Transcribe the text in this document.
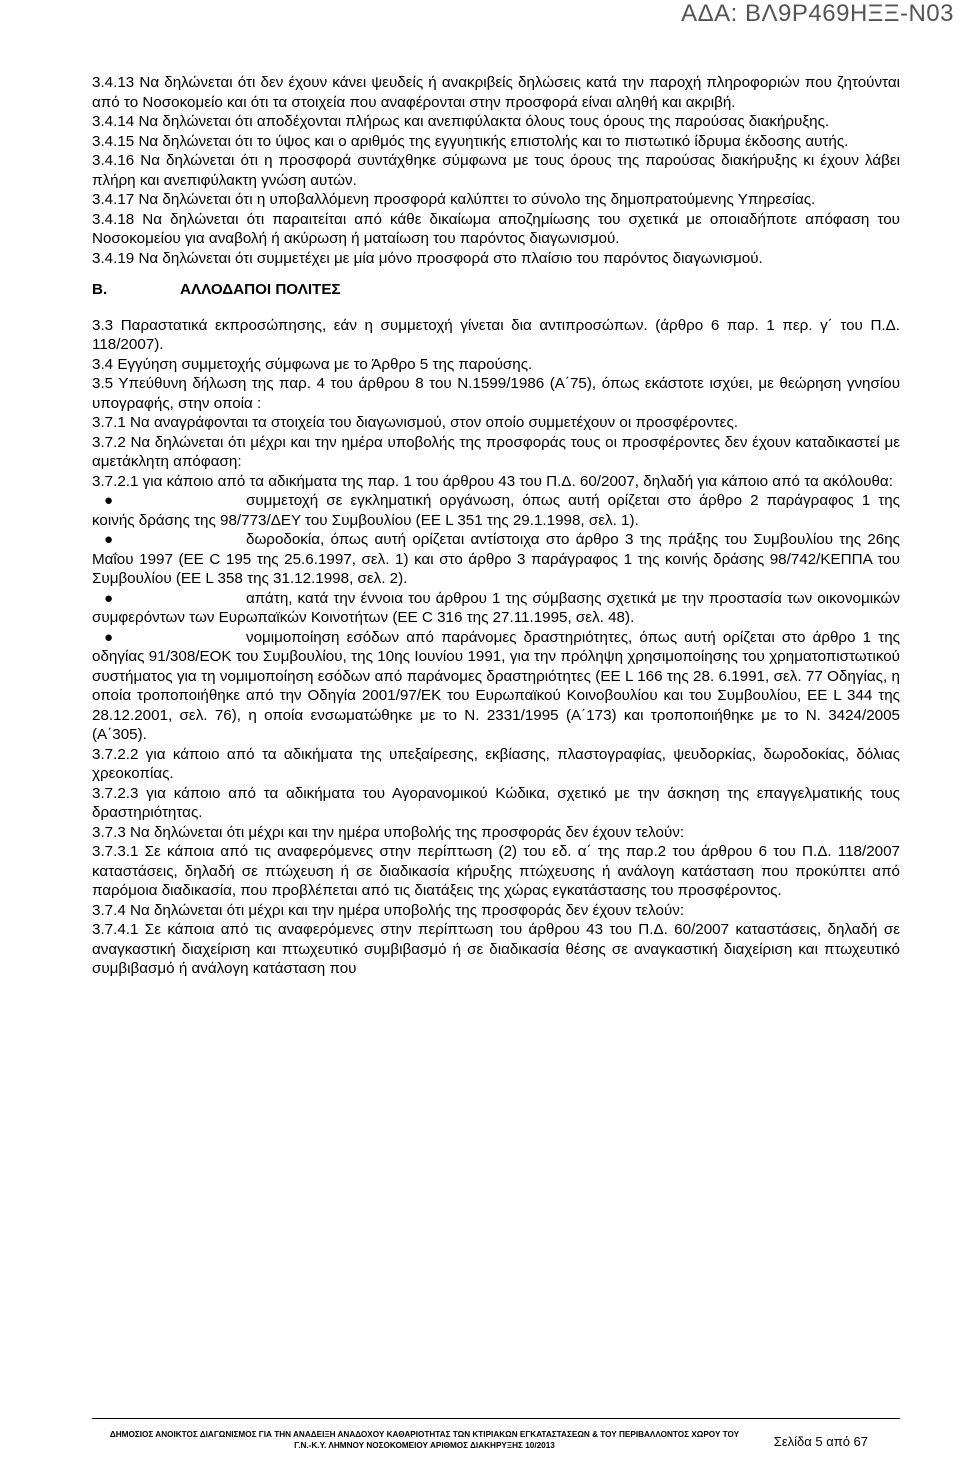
ΑΔΑ: ΒΛ9Ρ469ΗΞΞ-Ν03

3.4.13 Να δηλώνεται ότι δεν έχουν κάνει ψευδείς ή ανακριβείς δηλώσεις κατά την παροχή πληροφοριών που ζητούνται από το Νοσοκομείο και ότι τα στοιχεία που αναφέρονται στην προσφορά είναι αληθή και ακριβή.

3.4.14 Να δηλώνεται ότι αποδέχονται πλήρως και ανεπιφύλακτα όλους τους όρους της παρούσας διακήρυξης.

3.4.15 Να δηλώνεται ότι το ύψος και ο αριθμός της εγγυητικής επιστολής και το πιστωτικό ίδρυμα έκδοσης αυτής.

3.4.16 Να δηλώνεται ότι η προσφορά συντάχθηκε σύμφωνα με τους όρους της παρούσας διακήρυξης κι έχουν λάβει πλήρη και ανεπιφύλακτη γνώση αυτών.

3.4.17 Να δηλώνεται ότι η υποβαλλόμενη προσφορά καλύπτει το σύνολο της δημοπρατούμενης Υπηρεσίας.

3.4.18 Να δηλώνεται ότι παραιτείται από κάθε δικαίωμα αποζημίωσης του σχετικά με οποιαδήποτε απόφαση του Νοσοκομείου για αναβολή ή ακύρωση ή ματαίωση του παρόντος διαγωνισμού.

3.4.19 Να δηλώνεται ότι συμμετέχει με μία μόνο προσφορά στο πλαίσιο του παρόντος διαγωνισμού.

Β.	ΑΛΛΟΔΑΠΟΙ ΠΟΛΙΤΕΣ

3.3 Παραστατικά εκπροσώπησης, εάν η συμμετοχή γίνεται δια αντιπροσώπων. (άρθρο 6 παρ. 1 περ. γ΄ του Π.Δ. 118/2007).

3.4 Εγγύηση συμμετοχής σύμφωνα με το Άρθρο 5 της παρούσης.

3.5 Υπεύθυνη δήλωση της παρ. 4 του άρθρου 8 του Ν.1599/1986 (Α΄75), όπως εκάστοτε ισχύει, με θεώρηση γνησίου υπογραφής, στην οποία :

3.7.1 Να αναγράφονται τα στοιχεία του διαγωνισμού, στον οποίο συμμετέχουν οι προσφέροντες.

3.7.2 Να δηλώνεται ότι μέχρι και την ημέρα υποβολής της προσφοράς τους οι προσφέροντες δεν έχουν καταδικαστεί με αμετάκλητη απόφαση:

3.7.2.1 για κάποιο από τα αδικήματα της παρ. 1 του άρθρου 43 του Π.Δ. 60/2007, δηλαδή για κάποιο από τα ακόλουθα:

●	συμμετοχή σε εγκληματική οργάνωση, όπως αυτή ορίζεται στο άρθρο 2 παράγραφος 1 της κοινής δράσης της 98/773/ΔΕΥ του Συμβουλίου (ΕΕ L 351 της 29.1.1998, σελ. 1).

●	δωροδοκία, όπως αυτή ορίζεται αντίστοιχα στο άρθρο 3 της πράξης του Συμβουλίου της 26ης Μαΐου 1997 (ΕΕ C 195 της 25.6.1997, σελ. 1) και στο άρθρο 3 παράγραφος 1 της κοινής δράσης 98/742/ΚΕΠΠΑ του Συμβουλίου (ΕΕ L 358 της 31.12.1998, σελ. 2).

●	απάτη, κατά την έννοια του άρθρου 1 της σύμβασης σχετικά με την προστασία των οικονομικών συμφερόντων των Ευρωπαϊκών Κοινοτήτων (ΕΕ C 316 της 27.11.1995, σελ. 48).

●	νομιμοποίηση εσόδων από παράνομες δραστηριότητες, όπως αυτή ορίζεται στο άρθρο 1 της οδηγίας 91/308/ΕΟΚ του Συμβουλίου, της 10ης Ιουνίου 1991, για την πρόληψη χρησιμοποίησης του χρηματοπιστωτικού συστήματος για τη νομιμοποίηση εσόδων από παράνομες δραστηριότητες (ΕΕ L 166 της 28. 6.1991, σελ. 77 Οδηγίας, η οποία τροποποιήθηκε από την Οδηγία 2001/97/ΕΚ του Ευρωπαϊκού Κοινοβουλίου και του Συμβουλίου, ΕΕ L 344 της 28.12.2001, σελ. 76), η οποία ενσωματώθηκε με το Ν. 2331/1995 (Α΄173) και τροποποιήθηκε με το Ν. 3424/2005 (Α΄305).

3.7.2.2 για κάποιο από τα αδικήματα της υπεξαίρεσης, εκβίασης, πλαστογραφίας, ψευδορκίας, δωροδοκίας, δόλιας χρεοκοπίας.

3.7.2.3 για κάποιο από τα αδικήματα του Αγορανομικού Κώδικα, σχετικό με την άσκηση της επαγγελματικής τους δραστηριότητας.

3.7.3 Να δηλώνεται ότι μέχρι και την ημέρα υποβολής της προσφοράς δεν έχουν τελούν:

3.7.3.1 Σε κάποια από τις αναφερόμενες στην περίπτωση (2) του εδ. α΄ της παρ.2 του άρθρου 6 του Π.Δ. 118/2007 καταστάσεις, δηλαδή σε πτώχευση ή σε διαδικασία κήρυξης πτώχευσης ή ανάλογη κατάσταση που προκύπτει από παρόμοια διαδικασία, που προβλέπεται από τις διατάξεις της χώρας εγκατάστασης του προσφέροντος.

3.7.4 Να δηλώνεται ότι μέχρι και την ημέρα υποβολής της προσφοράς δεν έχουν τελούν:

3.7.4.1 Σε κάποια από τις αναφερόμενες στην περίπτωση του άρθρου 43 του Π.Δ. 60/2007 καταστάσεις, δηλαδή σε αναγκαστική διαχείριση και πτωχευτικό συμβιβασμό ή σε διαδικασία θέσης σε αναγκαστική διαχείριση και πτωχευτικό συμβιβασμό ή ανάλογη κατάσταση που

ΔΗΜΟΣΙΟΣ ΑΝΟΙΚΤΟΣ ΔΙΑΓΩΝΙΣΜΟΣ ΓΙΑ ΤΗΝ ΑΝΑΔΕΙΞΗ ΑΝΑΔΟΧΟΥ ΚΑΘΑΡΙΟΤΗΤΑΣ ΤΩΝ ΚΤΙΡΙΑΚΩΝ ΕΓΚΑΤΑΣΤΑΣΕΩΝ & ΤΟΥ ΠΕΡΙΒΑΛΛΟΝΤΟΣ ΧΩΡΟΥ ΤΟΥ
Γ.Ν.-Κ.Υ. ΛΗΜΝΟΥ ΝΟΣΟΚΟΜΕΙΟΥ ΑΡΙΘΜΟΣ ΔΙΑΚΗΡΥΞΗΣ 10/2013	Σελίδα 5 από 67
